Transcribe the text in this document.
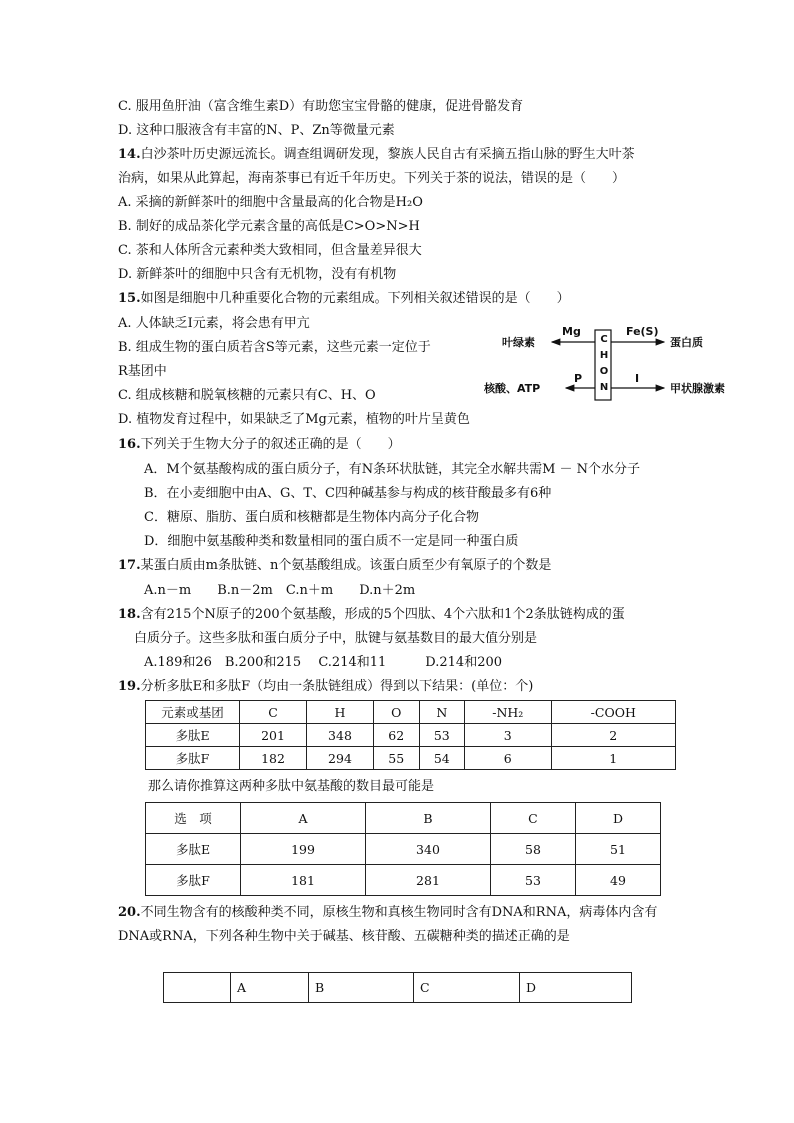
C. 服用鱼肝油（富含维生素D）有助您宝宝骨骼的健康，促进骨骼发育
D. 这种口服液含有丰富的N、P、Zn等微量元素
14.白沙茶叶历史源远流长。调查组调研发现，黎族人民自古有采摘五指山脉的野生大叶茶
治病，如果从此算起，海南茶事已有近千年历史。下列关于茶的说法，错误的是（　　）
A. 采摘的新鲜茶叶的细胞中含量最高的化合物是H₂O
B. 制好的成品茶化学元素含量的高低是C>O>N>H
C. 茶和人体所含元素种类大致相同，但含量差异很大
D. 新鲜茶叶的细胞中只含有无机物，没有有机物
15.如图是细胞中几种重要化合物的元素组成。下列相关叙述错误的是（　　）
A. 人体缺乏I元素，将会患有甲亢
B. 组成生物的蛋白质若含S等元素，这些元素一定位于
R基团中
C. 组成核糖和脱氧核糖的元素只有C、H、O
D. 植物发育过程中，如果缺乏了Mg元素，植物的叶片呈黄色
C
H
O
N
叶绿素
Mg	Fe(S)
蛋白质
核酸、ATP
P	I
甲状腺激素
16.下列关于生物大分子的叙述正确的是（　　）
A．M个氨基酸构成的蛋白质分子，有N条环状肽链，其完全水解共需M － N个水分子
B．在小麦细胞中由A、G、T、C四种碱基参与构成的核苷酸最多有6种
C．糖原、脂肪、蛋白质和核糖都是生物体内高分子化合物
D．细胞中氨基酸种类和数量相同的蛋白质不一定是同一种蛋白质
17.某蛋白质由m条肽链、n个氨基酸组成。该蛋白质至少有氧原子的个数是
A.n－m　　B.n－2m　C.n＋m　　D.n＋2m
18.含有215个N原子的200个氨基酸，形成的5个四肽、4个六肽和1个2条肽链构成的蛋
白质分子。这些多肽和蛋白质分子中，肽键与氨基数目的最大值分别是
A.189和26　B.200和215　 C.214和11　　　D.214和200
19.分析多肽E和多肽F（均由一条肽链组成）得到以下结果：(单位：个)
元素或基团	C	H	O	N	-NH₂	-COOH
多肽E	201	348	62	53	3	2
多肽F	182	294	55	54	6	1
那么请你推算这两种多肽中氨基酸的数目最可能是
选　项	A	B	C	D
多肽E	199	340	58	51
多肽F	181	281	53	49
20.不同生物含有的核酸种类不同，原核生物和真核生物同时含有DNA和RNA，病毒体内含有
DNA或RNA，下列各种生物中关于碱基、核苷酸、五碳糖种类的描述正确的是
	A	B	C	D
